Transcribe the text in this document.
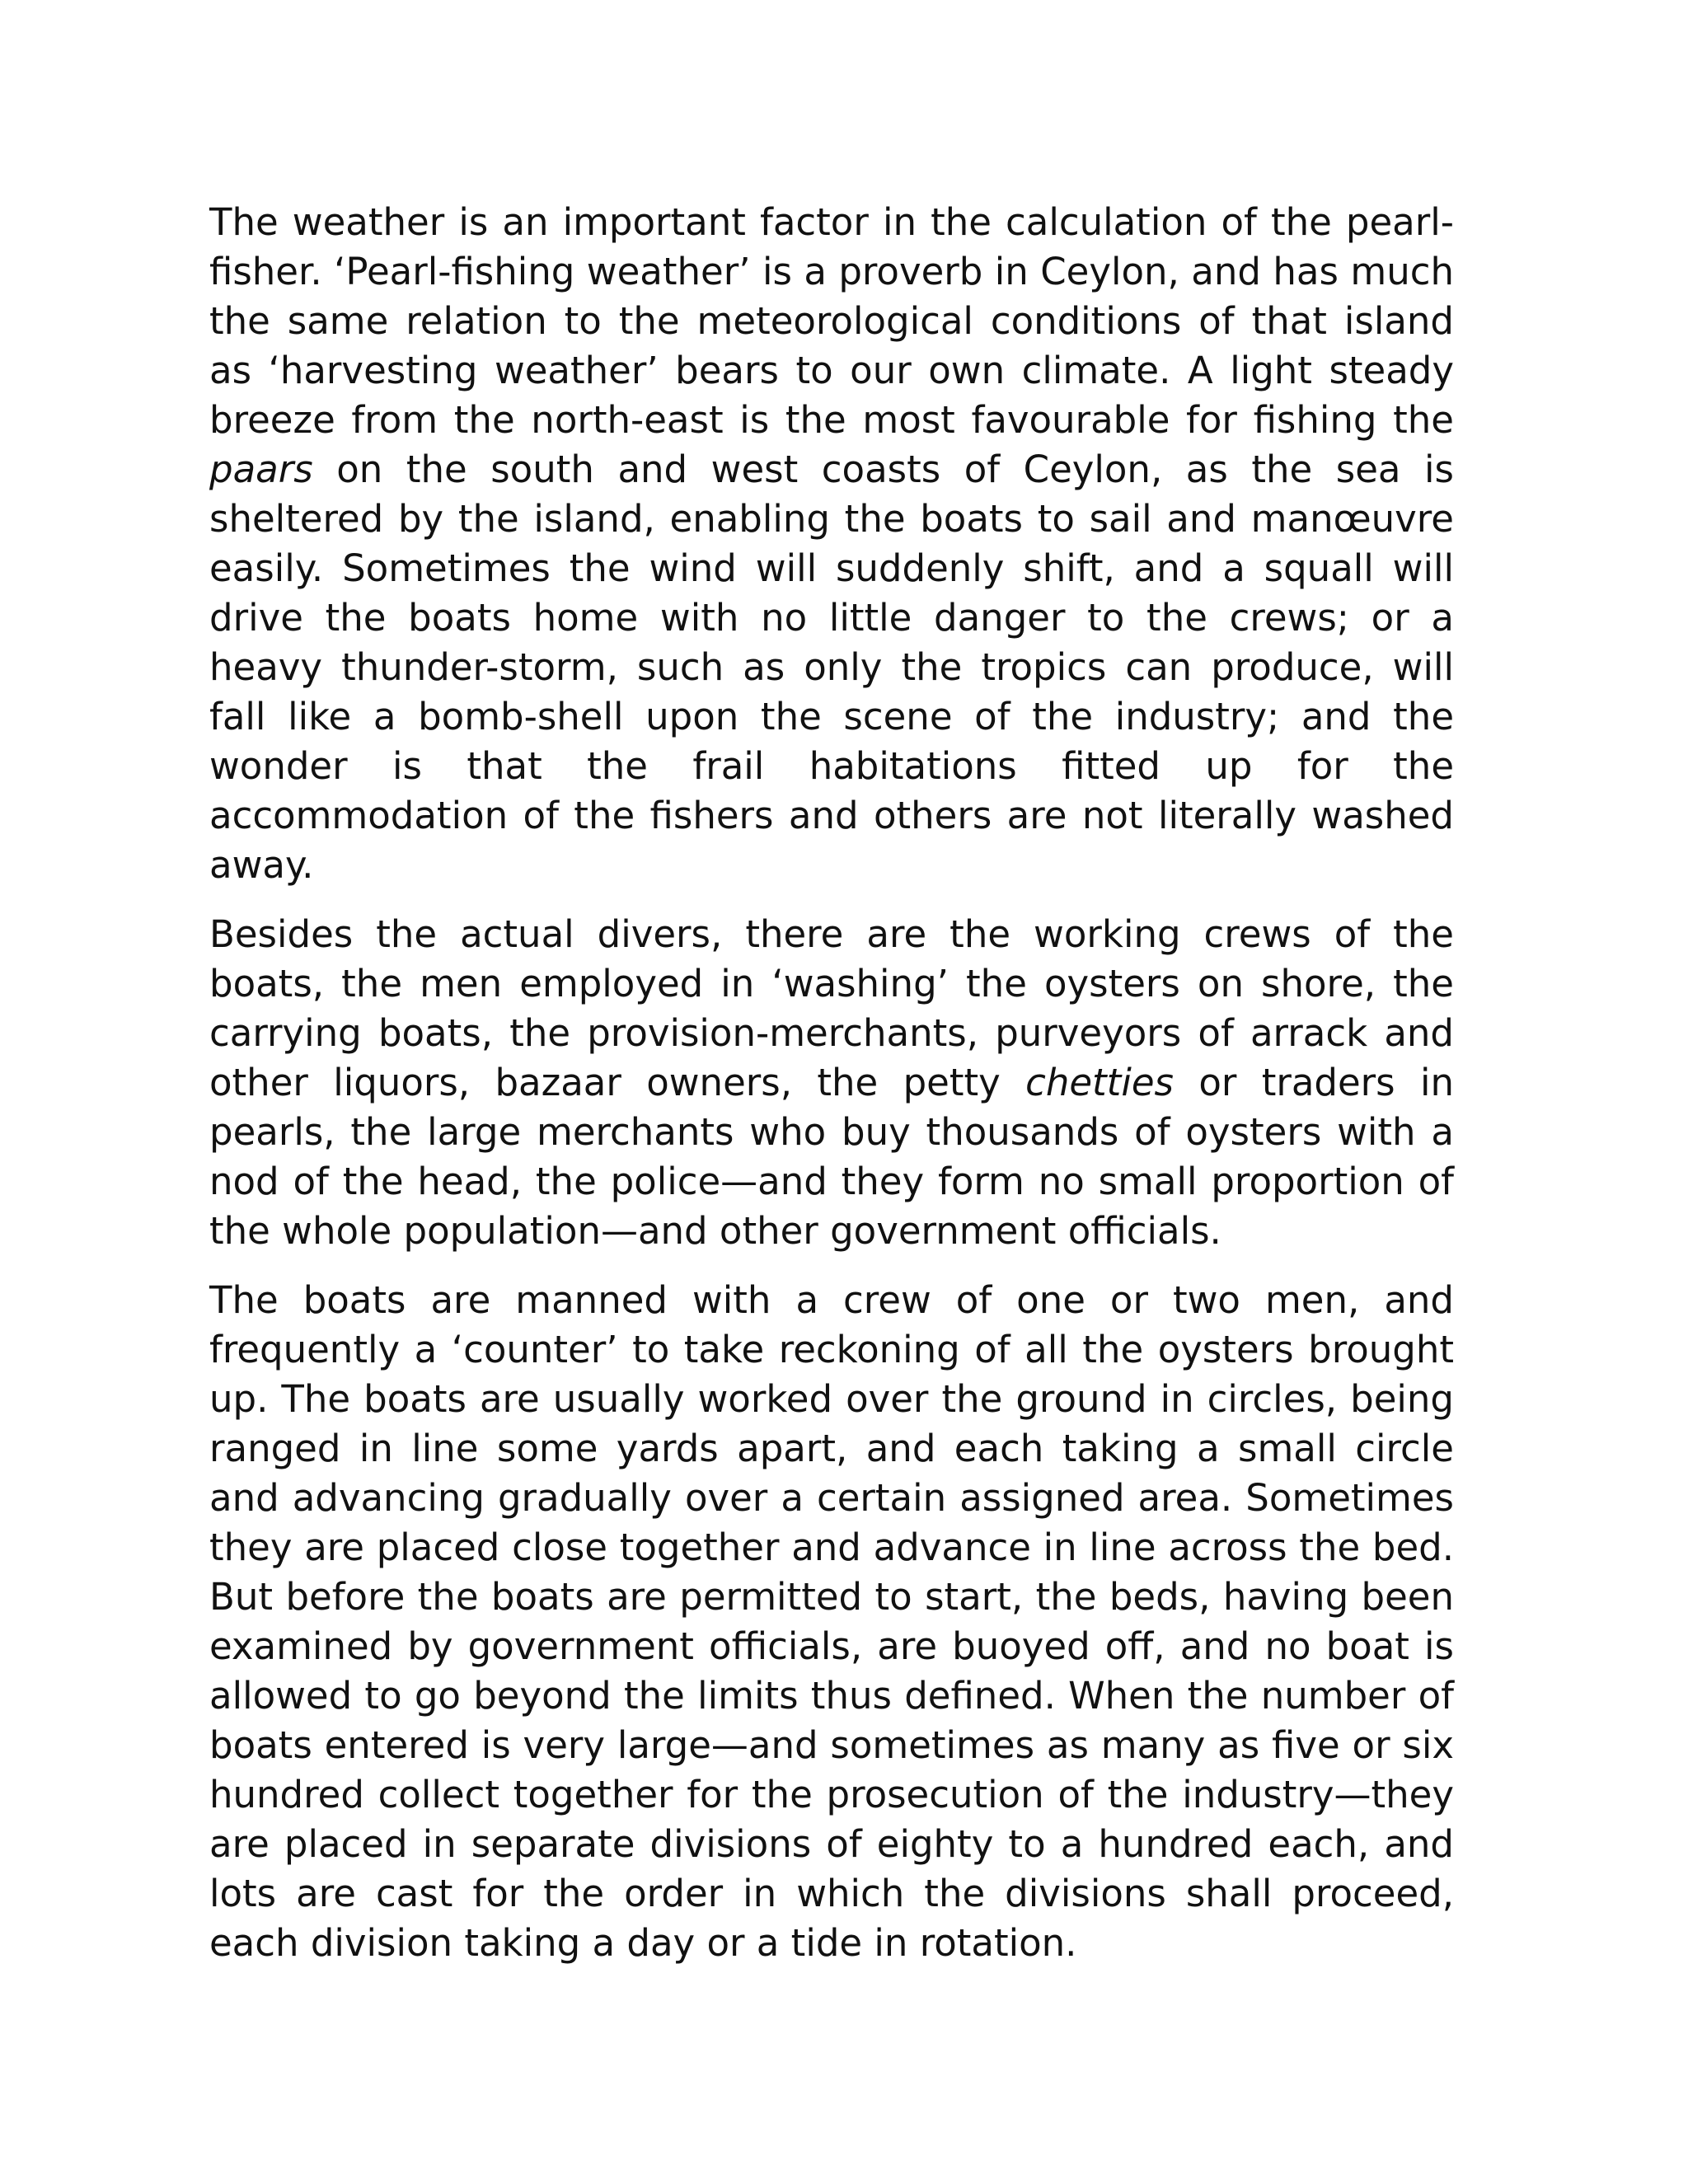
The weather is an important factor in the calculation of the pearl-fisher. ‘Pearl-fishing weather’ is a proverb in Ceylon, and has much the same relation to the meteorological conditions of that island as ‘harvesting weather’ bears to our own climate. A light steady breeze from the north-east is the most favourable for fishing the paars on the south and west coasts of Ceylon, as the sea is sheltered by the island, enabling the boats to sail and manœuvre easily. Sometimes the wind will suddenly shift, and a squall will drive the boats home with no little danger to the crews; or a heavy thunder-storm, such as only the tropics can produce, will fall like a bomb-shell upon the scene of the industry; and the wonder is that the frail habitations fitted up for the accommodation of the fishers and others are not literally washed away.

Besides the actual divers, there are the working crews of the boats, the men employed in ‘washing’ the oysters on shore, the carrying boats, the provision-merchants, purveyors of arrack and other liquors, bazaar owners, the petty chetties or traders in pearls, the large merchants who buy thousands of oysters with a nod of the head, the police—and they form no small proportion of the whole population—and other government officials.

The boats are manned with a crew of one or two men, and frequently a ‘counter’ to take reckoning of all the oysters brought up. The boats are usually worked over the ground in circles, being ranged in line some yards apart, and each taking a small circle and advancing gradually over a certain assigned area. Sometimes they are placed close together and advance in line across the bed. But before the boats are permitted to start, the beds, having been examined by government officials, are buoyed off, and no boat is allowed to go beyond the limits thus defined. When the number of boats entered is very large—and sometimes as many as five or six hundred collect together for the prosecution of the industry—they are placed in separate divisions of eighty to a hundred each, and lots are cast for the order in which the divisions shall proceed, each division taking a day or a tide in rotation.
